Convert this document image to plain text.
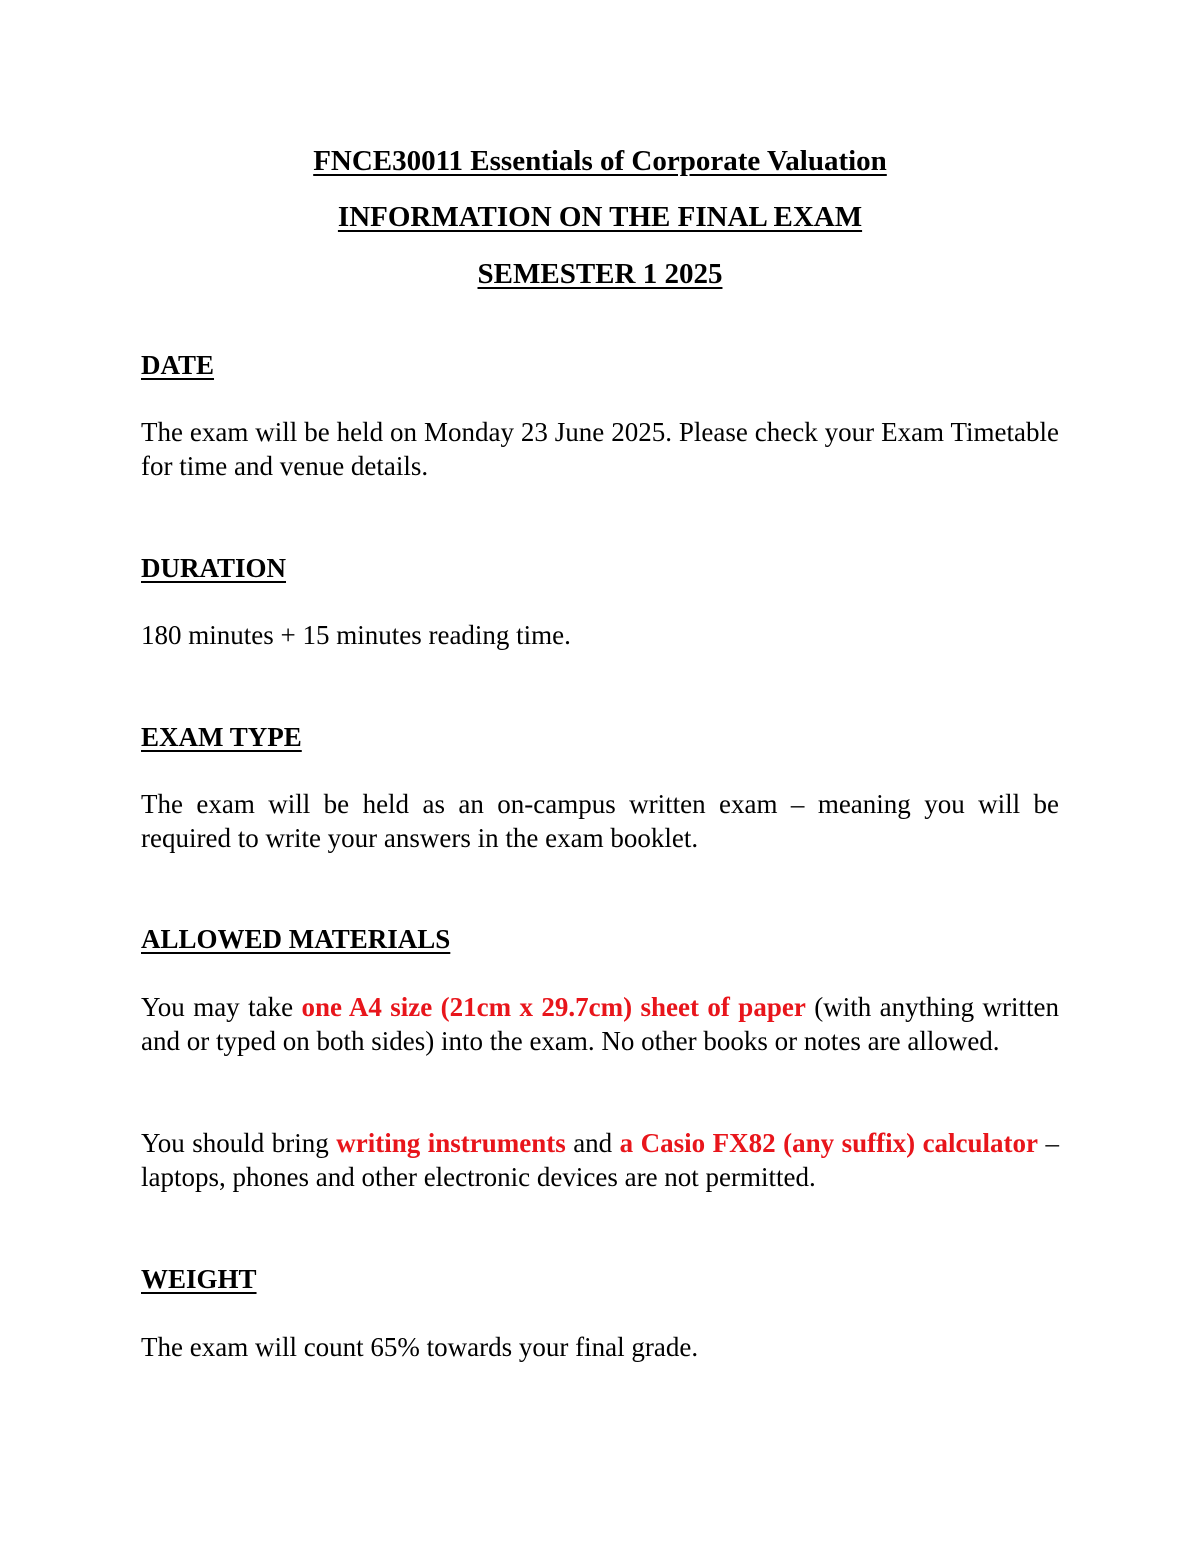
FNCE30011 Essentials of Corporate Valuation
INFORMATION ON THE FINAL EXAM
SEMESTER 1 2025
DATE

The exam will be held on Monday 23 June 2025. Please check your Exam Timetable for time and venue details.

DURATION

180 minutes + 15 minutes reading time.

EXAM TYPE

The exam will be held as an on-campus written exam – meaning you will be required to write your answers in the exam booklet.

ALLOWED MATERIALS

You may take one A4 size (21cm x 29.7cm) sheet of paper (with anything written and or typed on both sides) into the exam. No other books or notes are allowed.

You should bring writing instruments and a Casio FX82 (any suffix) calculator – laptops, phones and other electronic devices are not permitted.

WEIGHT

The exam will count 65% towards your final grade.
